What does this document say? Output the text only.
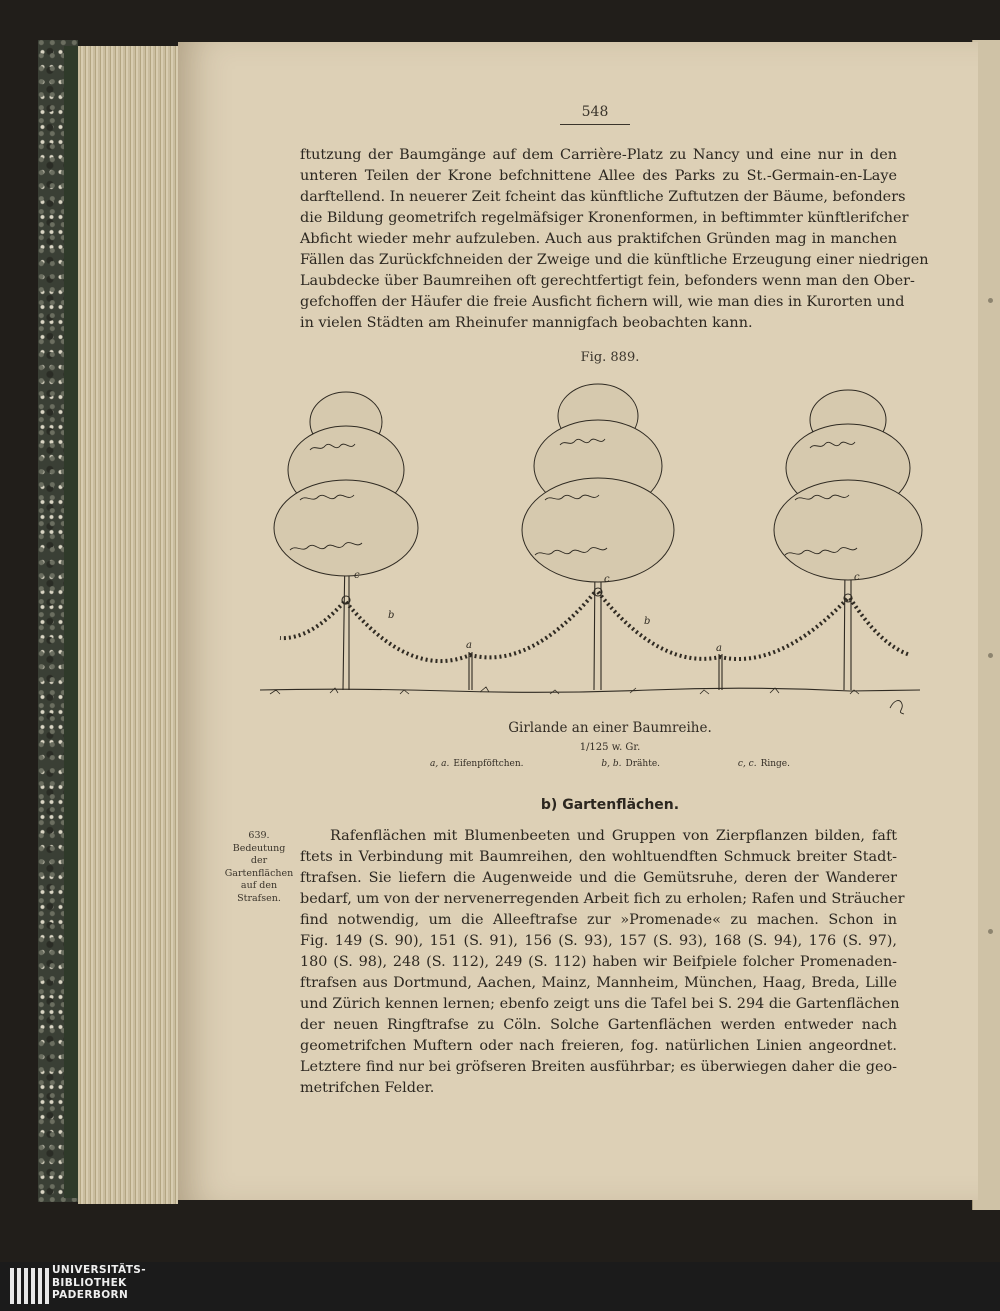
548
ftutzung der Baumgänge auf dem Carrière-Platz zu Nancy und eine nur in den
unteren Teilen der Krone befchnittene Allee des Parks zu St.-Germain-en-Laye
darftellend. In neuerer Zeit fcheint das künftliche Zuftutzen der Bäume, befonders
die Bildung geometrifch regelmäfsiger Kronenformen, in beftimmter künftlerifcher
Abficht wieder mehr aufzuleben. Auch aus praktifchen Gründen mag in manchen
Fällen das Zurückfchneiden der Zweige und die künftliche Erzeugung einer niedrigen
Laubdecke über Baumreihen oft gerechtfertigt fein, befonders wenn man den Ober-
gefchoffen der Häufer die freie Ausficht fichern will, wie man dies in Kurorten und
in vielen Städten am Rheinufer mannigfach beobachten kann.
Fig. 889.
c
b
a
c
b
a
c
Girlande an einer Baumreihe.
1/125 w. Gr.
a, a. Eifenpföftchen.	b, b. Drähte.	c, c. Ringe.
b) Gartenflächen.
639.
Bedeutung
der
Gartenflächen
auf den
Strafsen.
Rafenflächen mit Blumenbeeten und Gruppen von Zierpflanzen bilden, faft
ftets in Verbindung mit Baumreihen, den wohltuendften Schmuck breiter Stadt-
ftrafsen. Sie liefern die Augenweide und die Gemütsruhe, deren der Wanderer
bedarf, um von der nervenerregenden Arbeit fich zu erholen; Rafen und Sträucher
find notwendig, um die Alleeftrafse zur »Promenade« zu machen. Schon in
Fig. 149 (S. 90), 151 (S. 91), 156 (S. 93), 157 (S. 93), 168 (S. 94), 176 (S. 97),
180 (S. 98), 248 (S. 112), 249 (S. 112) haben wir Beifpiele folcher Promenaden-
ftrafsen aus Dortmund, Aachen, Mainz, Mannheim, München, Haag, Breda, Lille
und Zürich kennen lernen; ebenfo zeigt uns die Tafel bei S. 294 die Gartenflächen
der neuen Ringftrafse zu Cöln. Solche Gartenflächen werden entweder nach
geometrifchen Muftern oder nach freieren, fog. natürlichen Linien angeordnet.
Letztere find nur bei gröfseren Breiten ausführbar; es überwiegen daher die geo-
metrifchen Felder.
UNIVERSITÄTS-
BIBLIOTHEK
PADERBORN
